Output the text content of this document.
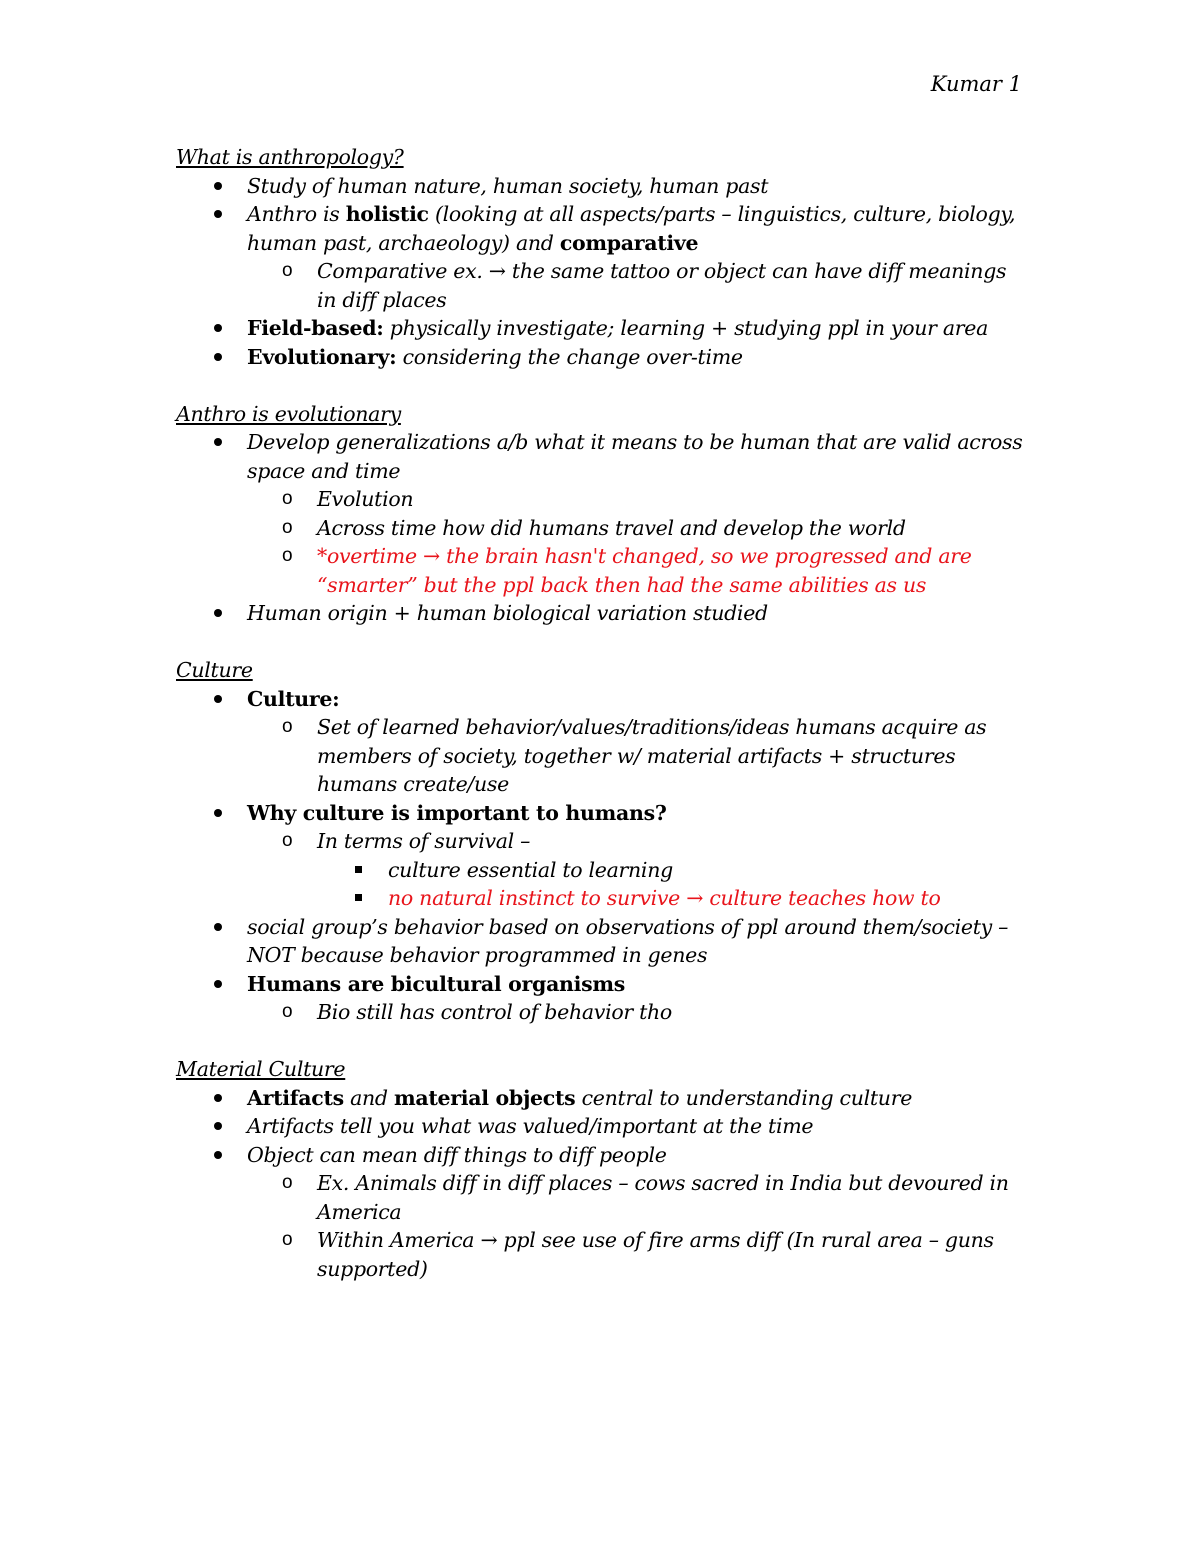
Kumar 1
What is anthropology?
Study of human nature, human society, human past
Anthro is holistic (looking at all aspects/parts – linguistics, culture, biology, human past, archaeology) and comparative
o Comparative ex. → the same tattoo or object can have diff meanings in diff places
Field-based: physically investigate; learning + studying ppl in your area
Evolutionary: considering the change over-time
Anthro is evolutionary
Develop generalizations a/b what it means to be human that are valid across space and time
o Evolution
o Across time how did humans travel and develop the world
o *overtime → the brain hasn't changed, so we progressed and are “smarter” but the ppl back then had the same abilities as us
Human origin + human biological variation studied
Culture
Culture:
o Set of learned behavior/values/traditions/ideas humans acquire as members of society, together w/ material artifacts + structures humans create/use
Why culture is important to humans?
o In terms of survival –
culture essential to learning
no natural instinct to survive → culture teaches how to
social group’s behavior based on observations of ppl around them/society – NOT because behavior programmed in genes
Humans are bicultural organisms
o Bio still has control of behavior tho
Material Culture
Artifacts and material objects central to understanding culture
Artifacts tell you what was valued/important at the time
Object can mean diff things to diff people
o Ex. Animals diff in diff places – cows sacred in India but devoured in America
o Within America → ppl see use of fire arms diff (In rural area – guns supported)
